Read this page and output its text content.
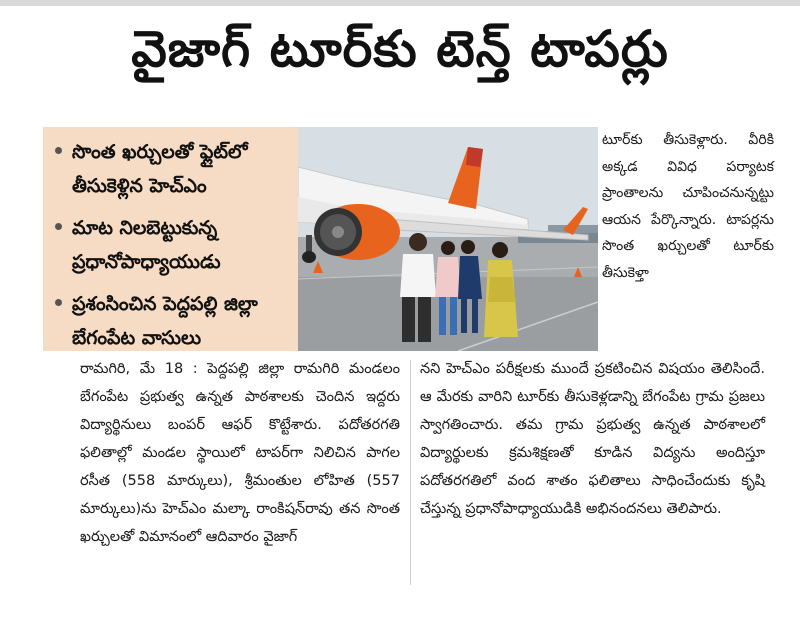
వైజాగ్ టూర్‌కు టెన్త్ టాపర్లు
సొంత ఖర్చులతో ఫ్లైట్‌లో తీసుకెళ్లిన హెచ్‌ఎం
మాట నిలబెట్టుకున్న ప్రధానోపాధ్యాయుడు
ప్రశంసించిన పెద్దపల్లి జిల్లా బేగంపేట వాసులు
టూర్‌కు తీసుకెళ్లారు. వీరికి అక్కడ వివిధ పర్యాటక ప్రాంతాలను చూపించనున్నట్టు ఆయన పేర్కొన్నారు. టాపర్లను సొంత ఖర్చులతో టూర్‌కు తీసుకెళ్తా
రామగిరి, మే 18 : పెద్దపల్లి జిల్లా రామగిరి మండలం బేగంపేట ప్రభుత్వ ఉన్నత పాఠశాలకు చెందిన ఇద్దరు విద్యార్థినులు బంపర్ ఆఫర్ కొట్టేశారు. పదోతరగతి ఫలితాల్లో మండల స్థాయిలో టాపర్‌గా నిలిచిన పాగల రసీత (558 మార్కులు), శ్రీమంతుల లోహిత (557 మార్కులు)ను హెచ్‌ఎం మల్కా రాంకిషన్‌రావు తన సొంత ఖర్చులతో విమానంలో ఆదివారం వైజాగ్
నని హెచ్‌ఎం పరీక్షలకు ముందే ప్రకటించిన విషయం తెలిసిందే. ఆ మేరకు వారిని టూర్‌కు తీసుకెళ్లడాన్ని బేగంపేట గ్రామ ప్రజలు స్వాగతించారు. తమ గ్రామ ప్రభుత్వ ఉన్నత పాఠశాలలో విద్యార్థులకు క్రమశిక్షణతో కూడిన విద్యను అందిస్తూ పదోతరగతిలో వంద శాతం ఫలితాలు సాధించేందుకు కృషి చేస్తున్న ప్రధానోపాధ్యాయుడికి అభినందనలు తెలిపారు.
